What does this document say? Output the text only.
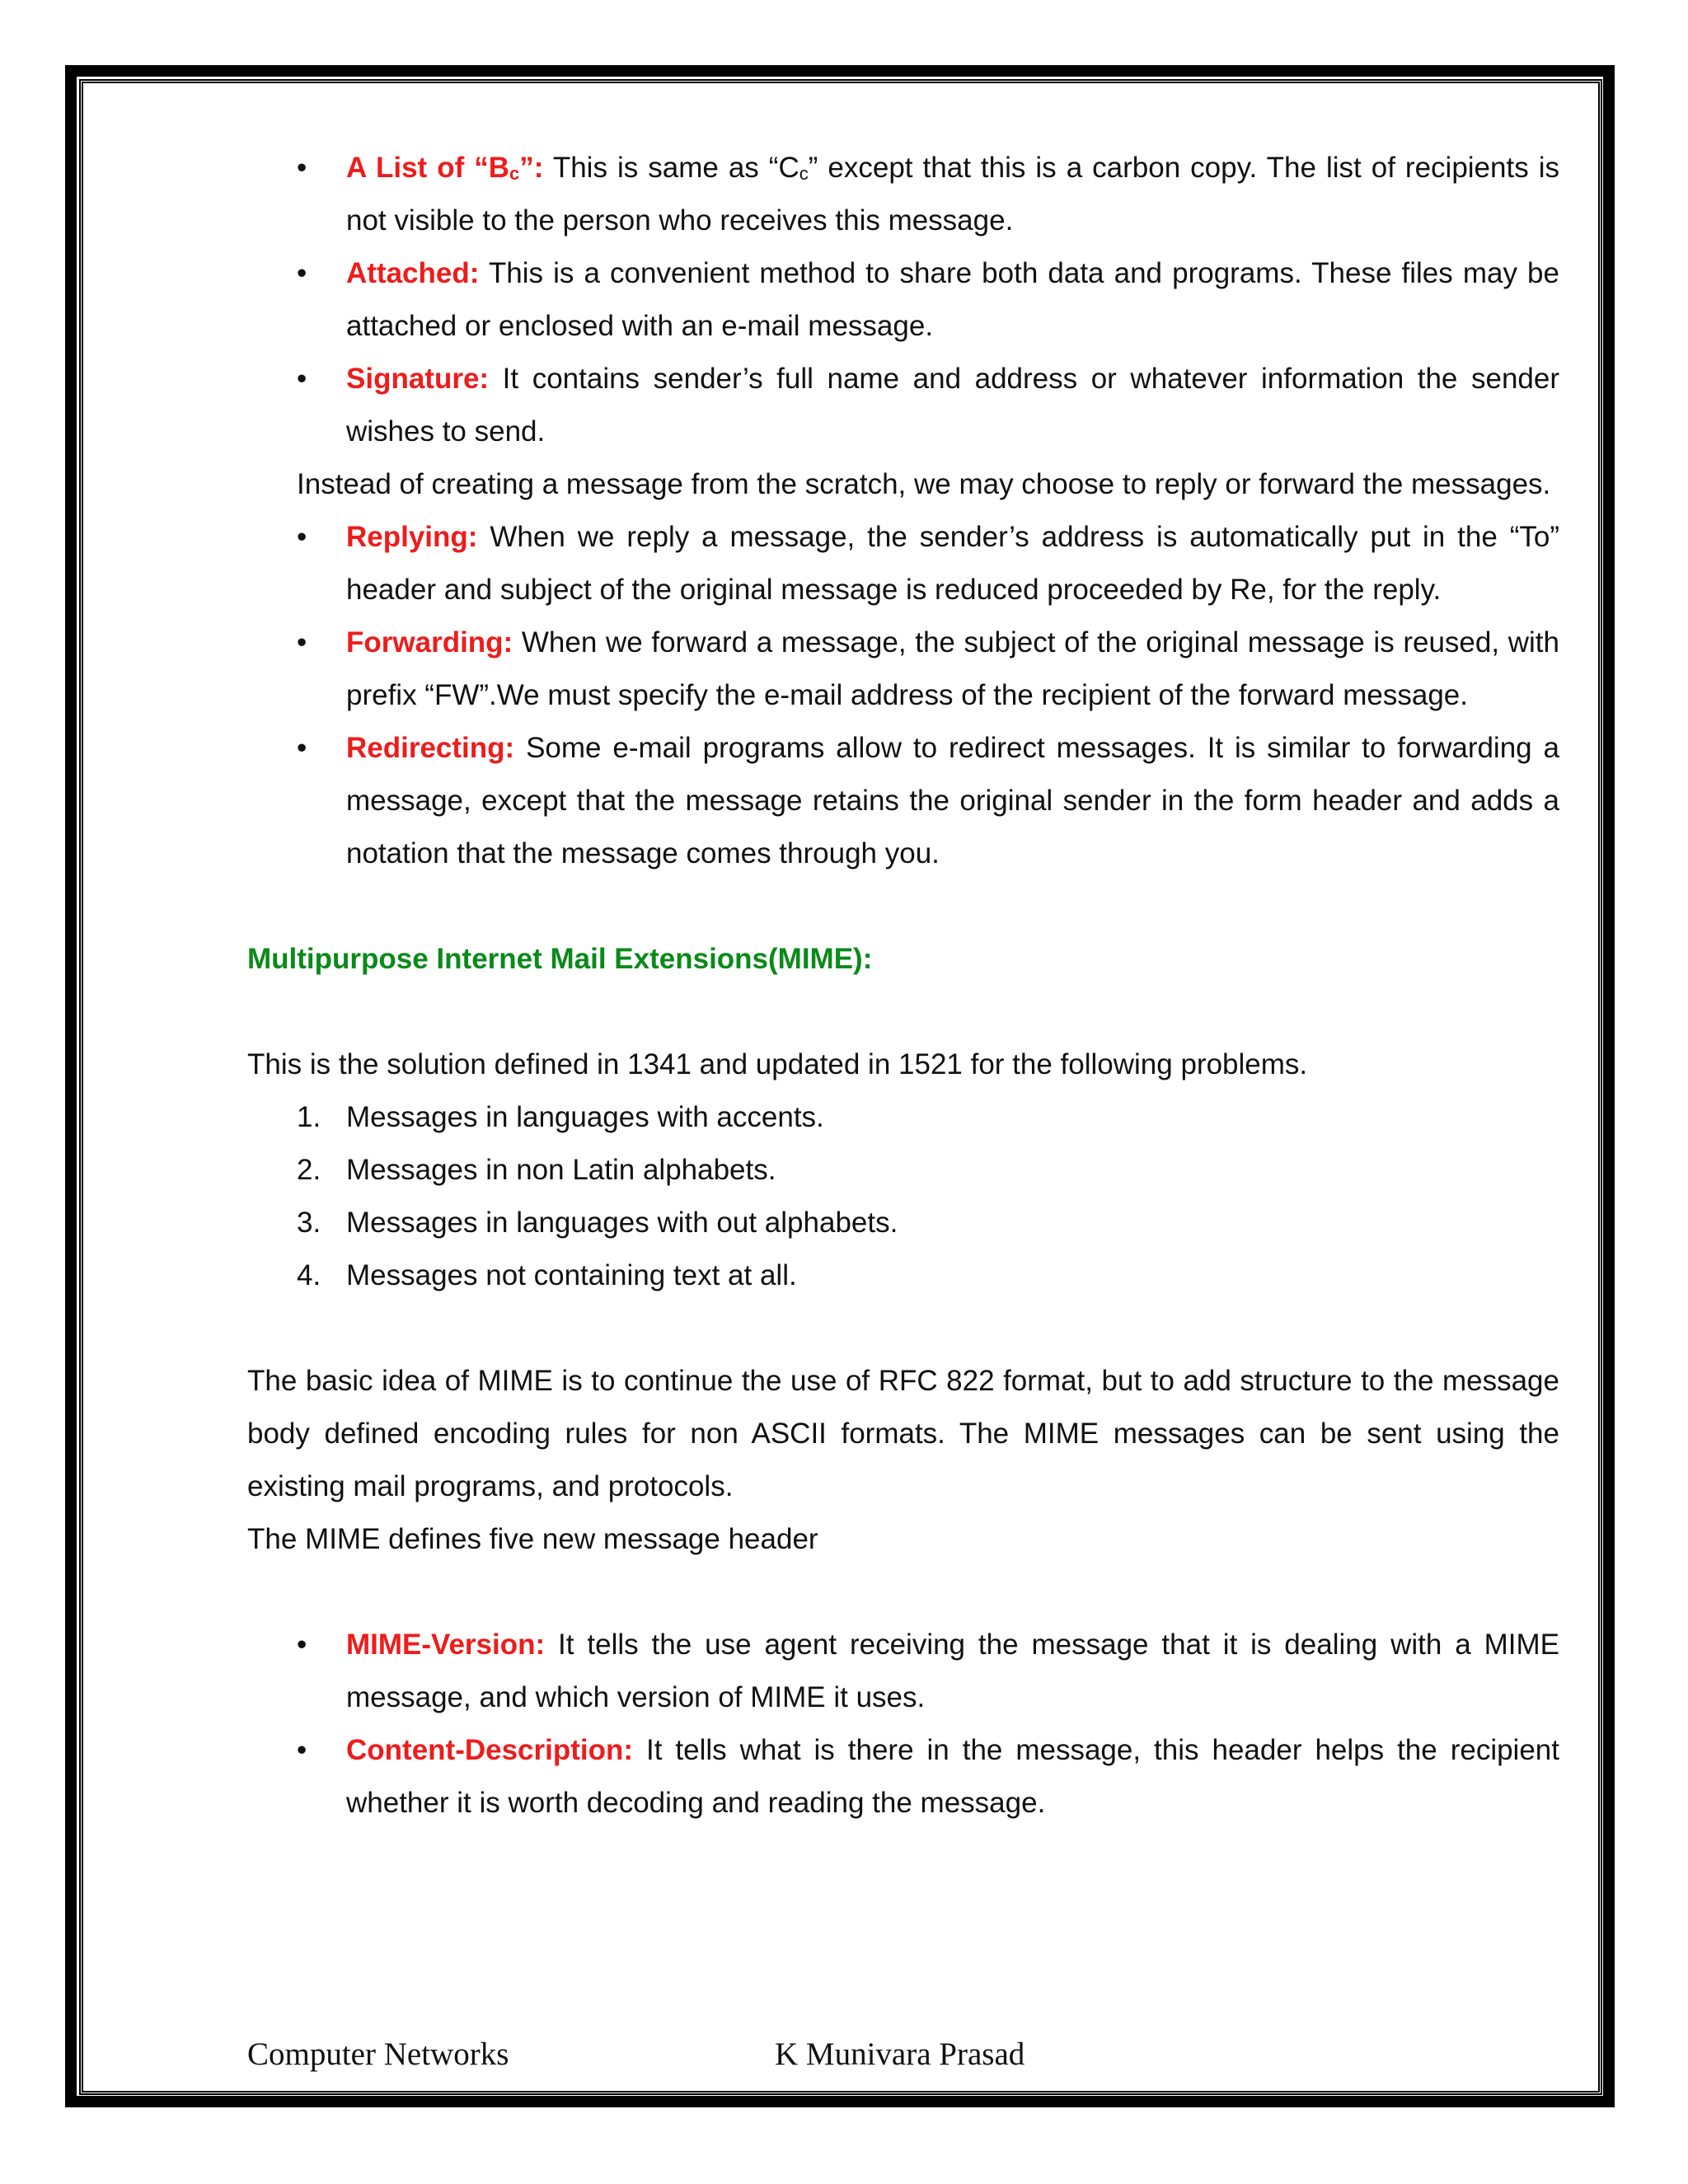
•	A List of “$B_c$”: This is same as “$C_c$” except that this is a carbon copy. The list of recipients is not visible to the person who receives this message.

•	Attached: This is a convenient method to share both data and programs. These files may be attached or enclosed with an e-mail message.

•	Signature: It contains sender’s full name and address or whatever information the sender wishes to send.

Instead of creating a message from the scratch, we may choose to reply or forward the messages.

•	Replying: When we reply a message, the sender’s address is automatically put in the “To” header and subject of the original message is reduced proceeded by Re, for the reply.

•	Forwarding: When we forward a message, the subject of the original message is reused, with prefix “FW”.We must specify the e-mail address of the recipient of the forward message.

•	Redirecting: Some e-mail programs allow to redirect messages. It is similar to forwarding a message, except that the message retains the original sender in the form header and adds a notation that the message comes through you.

Multipurpose Internet Mail Extensions(MIME):

This is the solution defined in 1341 and updated in 1521 for the following problems.

1. Messages in languages with accents.

2. Messages in non Latin alphabets.

3. Messages in languages with out alphabets.

4. Messages not containing text at all.

The basic idea of MIME is to continue the use of RFC 822 format, but to add structure to the message body defined encoding rules for non ASCII formats. The MIME messages can be sent using the existing mail programs, and protocols.

The MIME defines five new message header

•	MIME-Version: It tells the use agent receiving the message that it is dealing with a MIME message, and which version of MIME it uses.

•	Content-Description: It tells what is there in the message, this header helps the recipient whether it is worth decoding and reading the message.

Computer Networks	K Munivara Prasad
